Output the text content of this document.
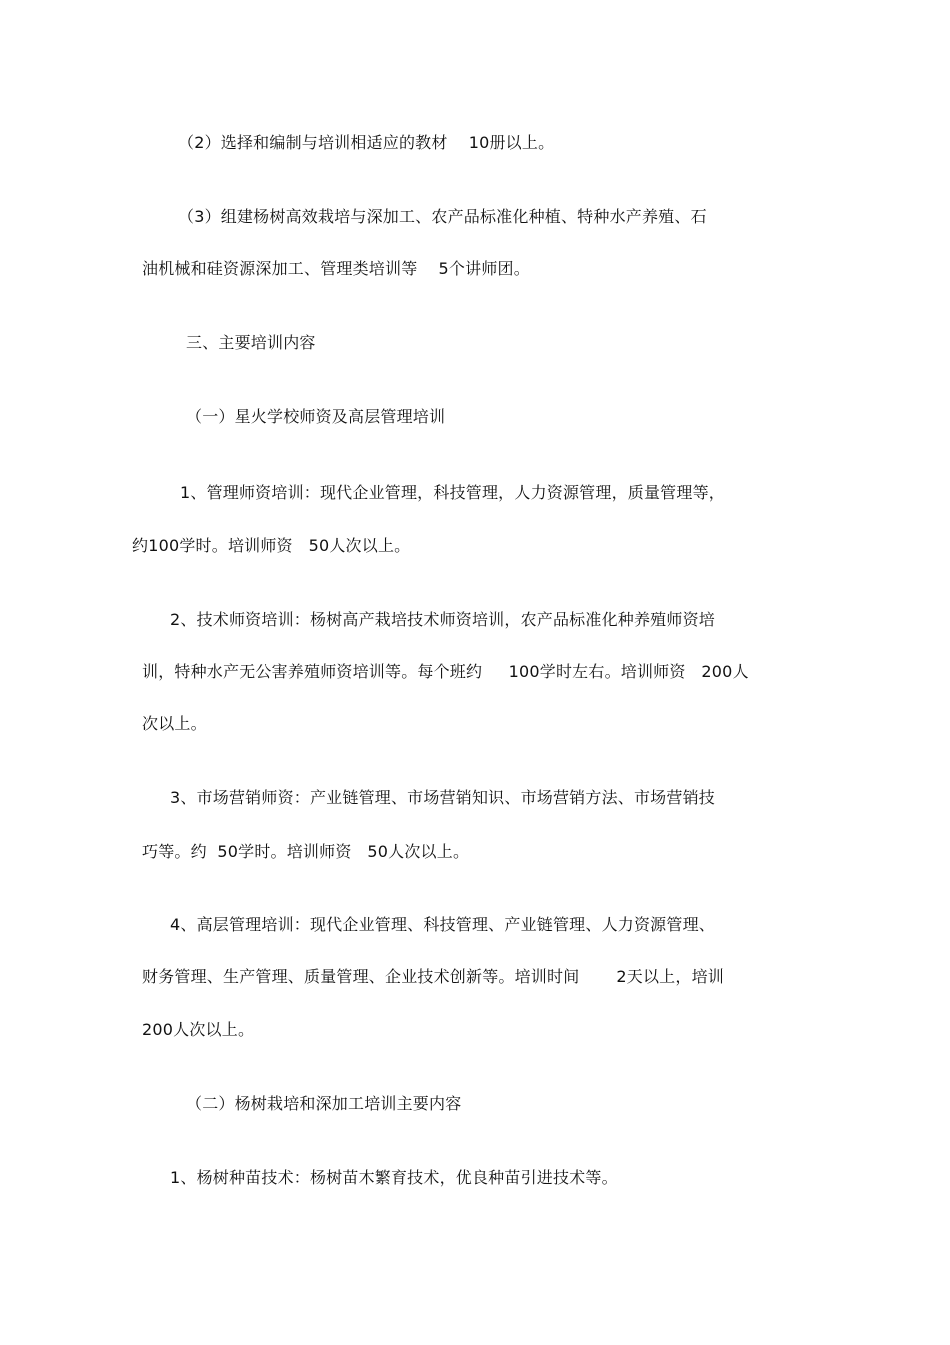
（2）选择和编制与培训相适应的教材    10册以上。
（3）组建杨树高效栽培与深加工、农产品标准化种植、特种水产养殖、石
油机械和硅资源深加工、管理类培训等    5个讲师团。
三、主要培训内容
（一）星火学校师资及高层管理培训
1、管理师资培训：现代企业管理，科技管理，人力资源管理，质量管理等，
约100学时。培训师资   50人次以上。
2、技术师资培训：杨树高产栽培技术师资培训，农产品标准化种养殖师资培
训，特种水产无公害养殖师资培训等。每个班约     100学时左右。培训师资   200人
次以上。
3、市场营销师资：产业链管理、市场营销知识、市场营销方法、市场营销技
巧等。约  50学时。培训师资   50人次以上。
4、高层管理培训：现代企业管理、科技管理、产业链管理、人力资源管理、
财务管理、生产管理、质量管理、企业技术创新等。培训时间       2天以上，培训
200人次以上。
（二）杨树栽培和深加工培训主要内容
1、杨树种苗技术：杨树苗木繁育技术，优良种苗引进技术等。
